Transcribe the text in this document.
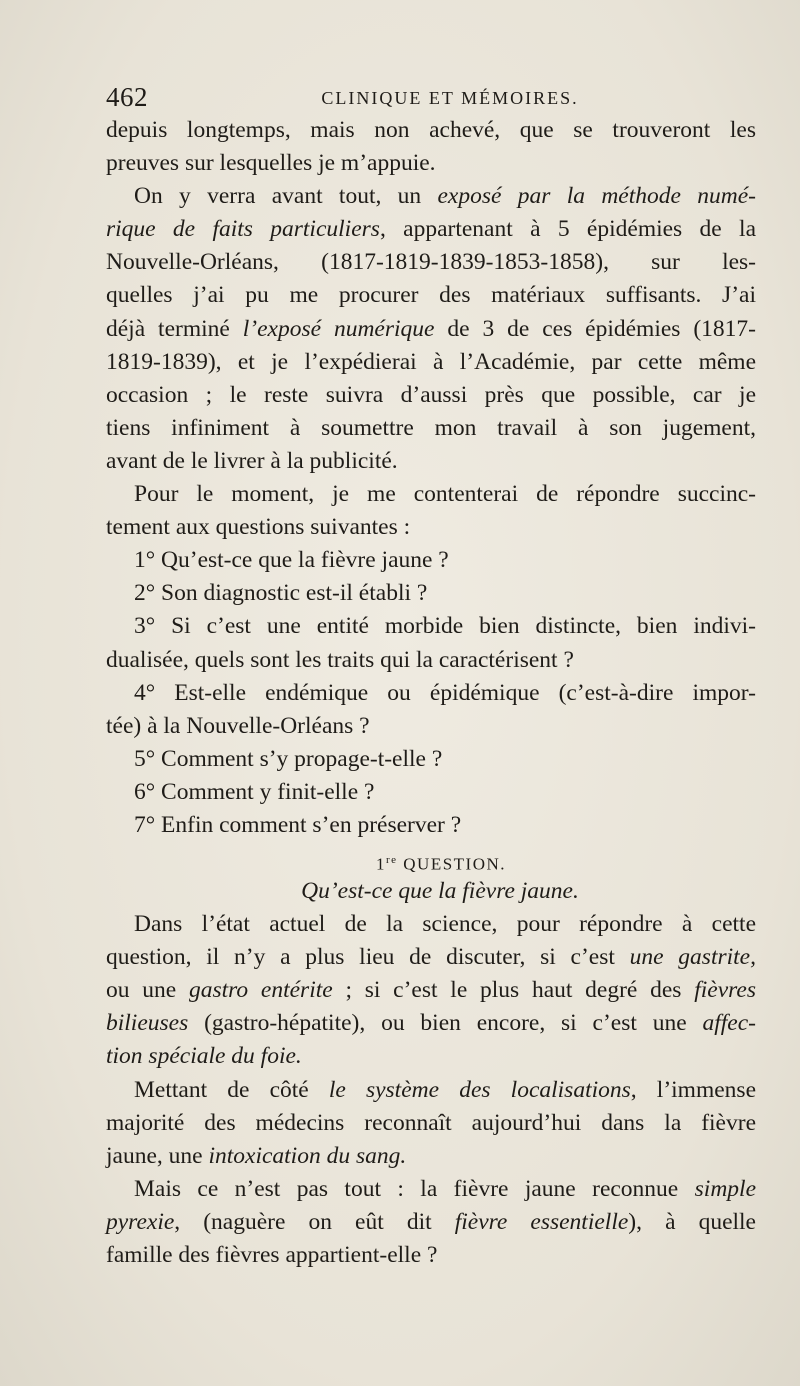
462	CLINIQUE ET MÉMOIRES.
depuis longtemps, mais non achevé, que se trouveront les
preuves sur lesquelles je m’appuie.
On y verra avant tout, un exposé par la méthode numé-
rique de faits particuliers, appartenant à 5 épidémies de la
Nouvelle-Orléans, (1817-1819-1839-1853-1858), sur les-
quelles j’ai pu me procurer des matériaux suffisants. J’ai
déjà terminé l’exposé numérique de 3 de ces épidémies (1817-
1819-1839), et je l’expédierai à l’Académie, par cette même
occasion ; le reste suivra d’aussi près que possible, car je
tiens infiniment à soumettre mon travail à son jugement,
avant de le livrer à la publicité.
Pour le moment, je me contenterai de répondre succinc-
tement aux questions suivantes :
1° Qu’est-ce que la fièvre jaune ?
2° Son diagnostic est-il établi ?
3° Si c’est une entité morbide bien distincte, bien indivi-
dualisée, quels sont les traits qui la caractérisent ?
4° Est-elle endémique ou épidémique (c’est-à-dire impor-
tée) à la Nouvelle-Orléans ?
5° Comment s’y propage-t-elle ?
6° Comment y finit-elle ?
7° Enfin comment s’en préserver ?
1re QUESTION.
Qu’est-ce que la fièvre jaune.
Dans l’état actuel de la science, pour répondre à cette
question, il n’y a plus lieu de discuter, si c’est une gastrite,
ou une gastro entérite ; si c’est le plus haut degré des fièvres
bilieuses (gastro-hépatite), ou bien encore, si c’est une affec-
tion spéciale du foie.
Mettant de côté le système des localisations, l’immense
majorité des médecins reconnaît aujourd’hui dans la fièvre
jaune, une intoxication du sang.
Mais ce n’est pas tout : la fièvre jaune reconnue simple
pyrexie, (naguère on eût dit fièvre essentielle), à quelle
famille des fièvres appartient-elle ?
